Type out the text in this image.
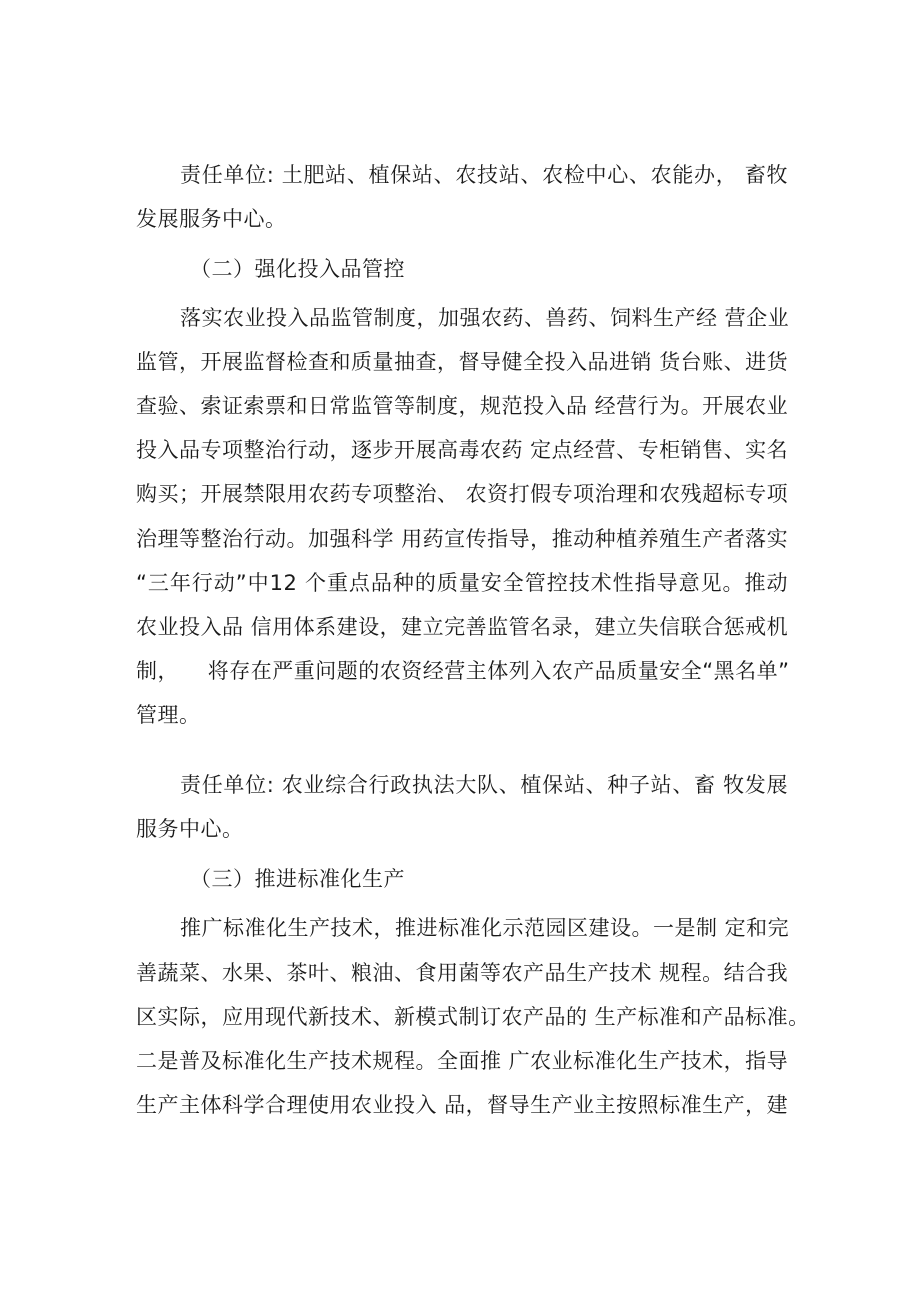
责任单位: 土肥站、植保站、农技站、农检中心、农能办， 畜牧
发展服务中心。
（二）强化投入品管控
落实农业投入品监管制度，加强农药、兽药、饲料生产经 营企业
监管，开展监督检查和质量抽查，督导健全投入品进销 货台账、进货
查验、索证索票和日常监管等制度，规范投入品 经营行为。开展农业
投入品专项整治行动，逐步开展高毒农药 定点经营、专柜销售、实名
购买；开展禁限用农药专项整治、 农资打假专项治理和农残超标专项
治理等整治行动。加强科学 用药宣传指导，推动种植养殖生产者落实
“三年行动”中12 个重点品种的质量安全管控技术性指导意见。推动
农业投入品 信用体系建设，建立完善监管名录，建立失信联合惩戒机
制，    将存在严重问题的农资经营主体列入农产品质量安全“黑名单”
管理。
责任单位: 农业综合行政执法大队、植保站、种子站、畜 牧发展
服务中心。
（三）推进标准化生产
推广标准化生产技术，推进标准化示范园区建设。一是制 定和完
善蔬菜、水果、茶叶、粮油、食用菌等农产品生产技术 规程。结合我
区实际，应用现代新技术、新模式制订农产品的 生产标准和产品标准。
二是普及标准化生产技术规程。全面推 广农业标准化生产技术，指导
生产主体科学合理使用农业投入 品，督导生产业主按照标准生产，建
